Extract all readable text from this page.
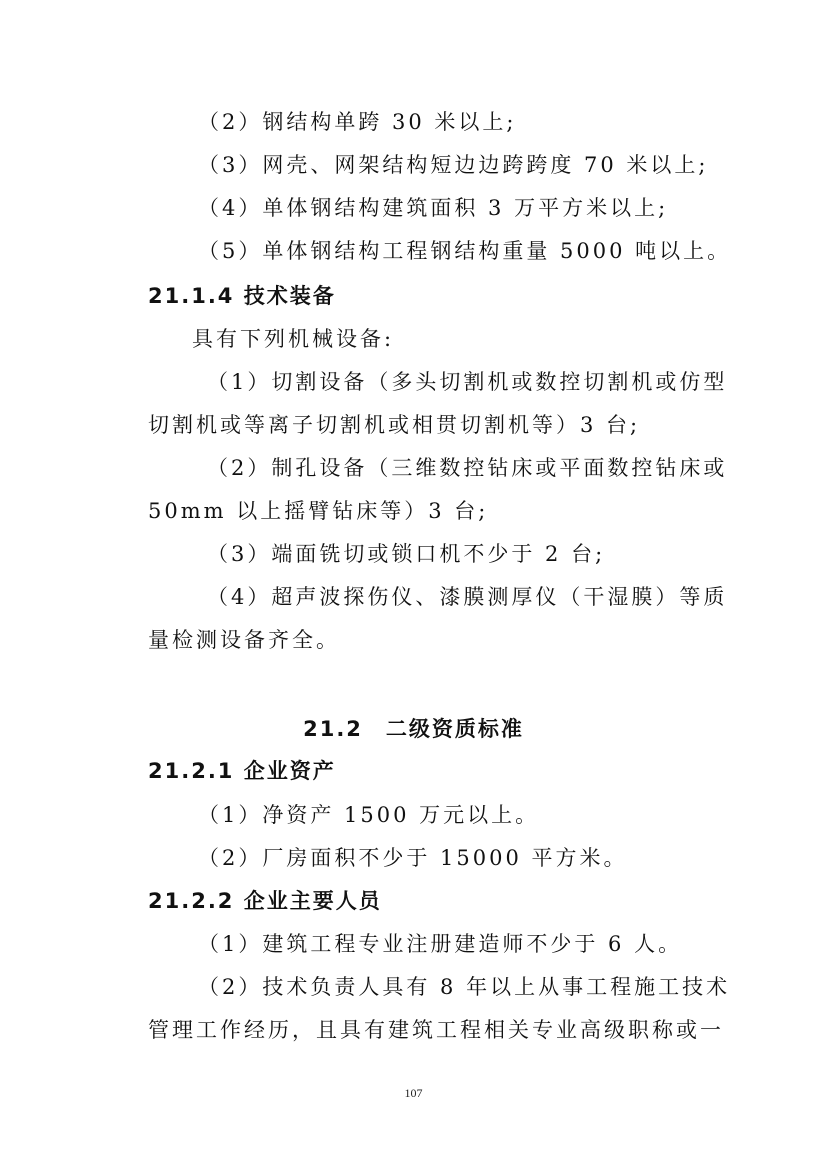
（2）钢结构单跨 30 米以上;
（3）网壳、网架结构短边边跨跨度 70 米以上;
（4）单体钢结构建筑面积 3 万平方米以上;
（5）单体钢结构工程钢结构重量 5000 吨以上。
21.1.4 技术装备
具有下列机械设备:
（1）切割设备（多头切割机或数控切割机或仿型
切割机或等离子切割机或相贯切割机等）3 台;
（2）制孔设备（三维数控钻床或平面数控钻床或
50mm 以上摇臂钻床等）3 台;
（3）端面铣切或锁口机不少于 2 台;
（4）超声波探伤仪、漆膜测厚仪（干湿膜）等质
量检测设备齐全。
21.2　二级资质标准
21.2.1 企业资产
（1）净资产 1500 万元以上。
（2）厂房面积不少于 15000 平方米。
21.2.2 企业主要人员
（1）建筑工程专业注册建造师不少于 6 人。
（2）技术负责人具有 8 年以上从事工程施工技术
管理工作经历，且具有建筑工程相关专业高级职称或一
107
